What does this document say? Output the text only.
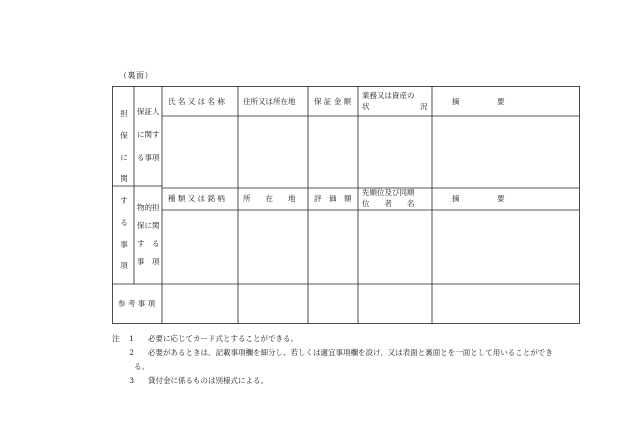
（裏面）
担
保
に
関
す
る
事
項
保証人
に関す
る事項
物的担
保に関
す　る
事　項
氏 名 又 は 名 称 住所又は所在地 保 証 金 額
業務又は資産の
状	況
摘　　　　　要
種 類 又 は 銘 柄 所　　在　　地 評　価　額
先順位及び同順
位　　者　　名
摘　　　　　要
参 考 事 項
注	1 必要に応じてカード式とすることができる。
2 必要があるときは、記載事項欄を細分し、若しくは適宜事項欄を設け、又は表面と裏面とを一面として用いることができ
る。
3 貸付金に係るものは別様式による。
